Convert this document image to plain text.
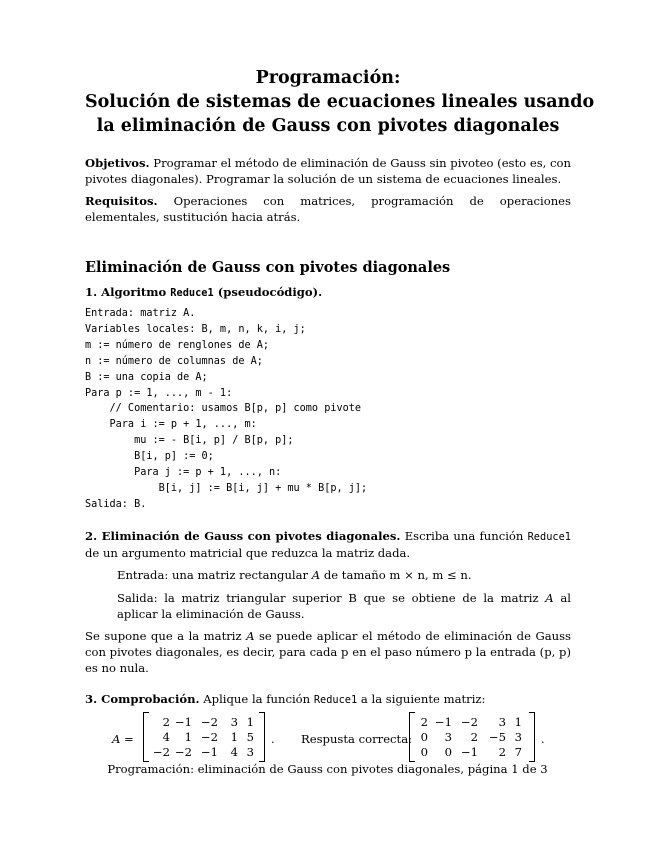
Programación:
Solución de sistemas de ecuaciones lineales usando
la eliminación de Gauss con pivotes diagonales

Objetivos. Programar el método de eliminación de Gauss sin pivoteo (esto es, con pivotes diagonales). Programar la solución de un sistema de ecuaciones lineales.

Requisitos. Operaciones con matrices, programación de operaciones elementales, sustitución hacia atrás.

Eliminación de Gauss con pivotes diagonales

1. Algoritmo Reduce1 (pseudocódigo).

Entrada: matriz A.
Variables locales: B, m, n, k, i, j;
m := número de renglones de A;
n := número de columnas de A;
B := una copia de A;
Para p := 1, ..., m - 1:
// Comentario: usamos B[p, p] como pivote
Para i := p + 1, ..., m:
mu := - B[i, p] / B[p, p];
B[i, p] := 0;
Para j := p + 1, ..., n:
B[i, j] := B[i, j] + mu * B[p, j];
Salida: B.

2. Eliminación de Gauss con pivotes diagonales. Escriba una función Reduce1 de un argumento matricial que reduzca la matriz dada.

Entrada: una matriz rectangular A de tamaño m × n, m ≤ n.

Salida: la matriz triangular superior B que se obtiene de la matriz A al aplicar la eliminación de Gauss.

Se supone que a la matriz A se puede aplicar el método de eliminación de Gauss con pivotes diagonales, es decir, para cada p en el paso número p la entrada (p, p) es no nula.

3. Comprobación. Aplique la función Reduce1 a la siguiente matriz:

A =
2	−1	−2	3	1
4	1	−2	1	5
−2	−2	−1	4	3
. Respusta correcta:
2	−1	−2	3	1
0	3	2	−5	3
0	0	−1	2	7
.
Programación: eliminación de Gauss con pivotes diagonales, página 1 de 3
